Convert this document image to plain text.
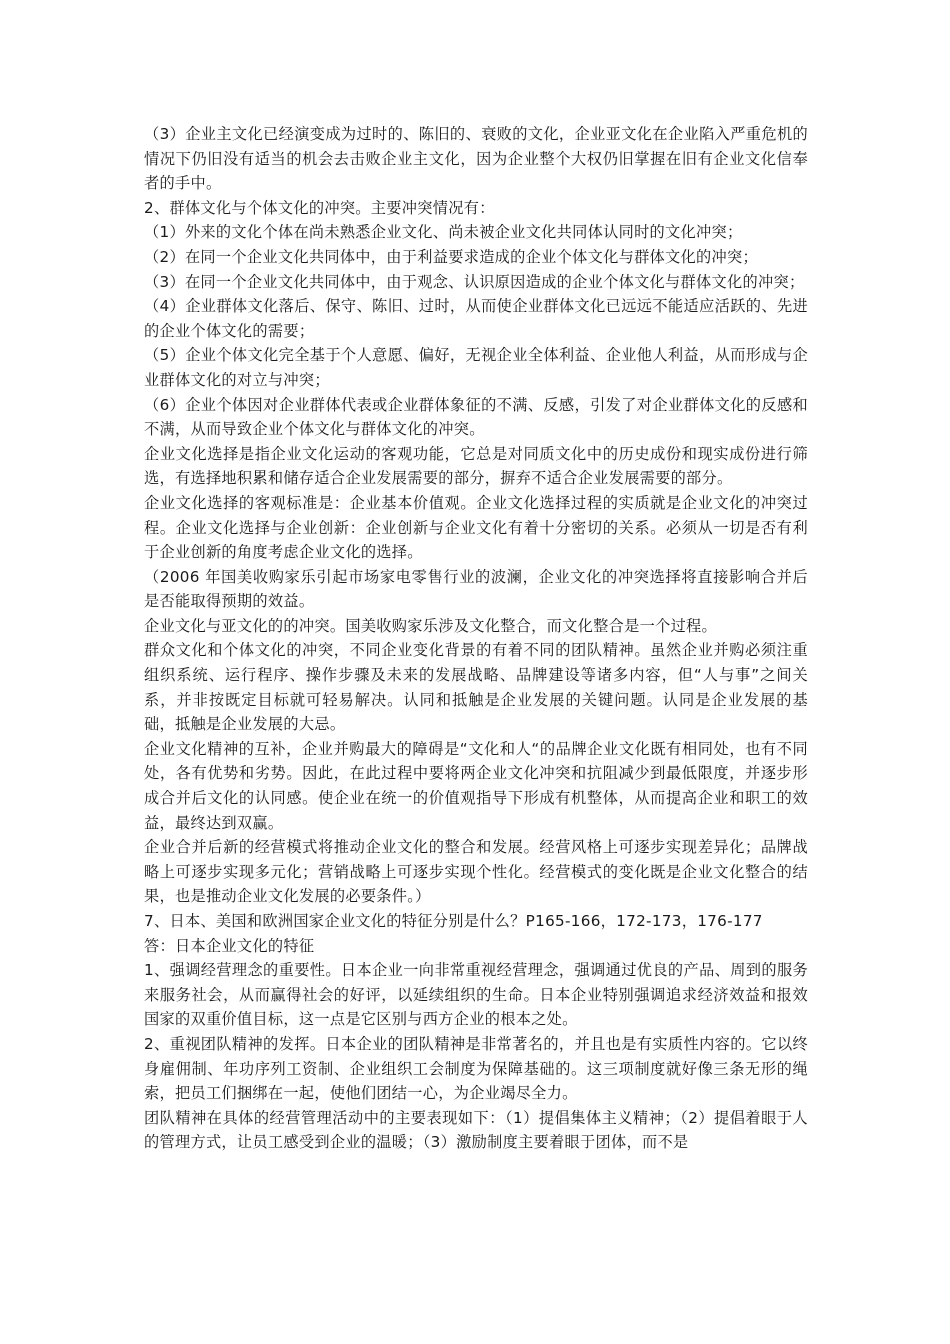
（3）企业主文化已经演变成为过时的、陈旧的、衰败的文化，企业亚文化在企业陷入严重危机的情况下仍旧没有适当的机会去击败企业主文化，因为企业整个大权仍旧掌握在旧有企业文化信奉者的手中。

2、群体文化与个体文化的冲突。主要冲突情况有：

（1）外来的文化个体在尚未熟悉企业文化、尚未被企业文化共同体认同时的文化冲突；

（2）在同一个企业文化共同体中，由于利益要求造成的企业个体文化与群体文化的冲突；

（3）在同一个企业文化共同体中，由于观念、认识原因造成的企业个体文化与群体文化的冲突；

（4）企业群体文化落后、保守、陈旧、过时，从而使企业群体文化已远远不能适应活跃的、先进的企业个体文化的需要；

（5）企业个体文化完全基于个人意愿、偏好，无视企业全体利益、企业他人利益，从而形成与企业群体文化的对立与冲突；

（6）企业个体因对企业群体代表或企业群体象征的不满、反感，引发了对企业群体文化的反感和不满，从而导致企业个体文化与群体文化的冲突。

企业文化选择是指企业文化运动的客观功能，它总是对同质文化中的历史成份和现实成份进行筛选，有选择地积累和储存适合企业发展需要的部分，摒弃不适合企业发展需要的部分。

企业文化选择的客观标准是：企业基本价值观。企业文化选择过程的实质就是企业文化的冲突过程。企业文化选择与企业创新：企业创新与企业文化有着十分密切的关系。必须从一切是否有利于企业创新的角度考虑企业文化的选择。

（2006 年国美收购家乐引起市场家电零售行业的波澜，企业文化的冲突选择将直接影响合并后是否能取得预期的效益。

企业文化与亚文化的的冲突。国美收购家乐涉及文化整合，而文化整合是一个过程。

群众文化和个体文化的冲突，不同企业变化背景的有着不同的团队精神。虽然企业并购必须注重组织系统、运行程序、操作步骤及未来的发展战略、品牌建设等诸多内容，但“人与事”之间关系，并非按既定目标就可轻易解决。认同和抵触是企业发展的关键问题。认同是企业发展的基础，抵触是企业发展的大忌。

企业文化精神的互补，企业并购最大的障碍是“文化和人“的品牌企业文化既有相同处，也有不同处，各有优势和劣势。因此，在此过程中要将两企业文化冲突和抗阻减少到最低限度，并逐步形成合并后文化的认同感。使企业在统一的价值观指导下形成有机整体，从而提高企业和职工的效益，最终达到双赢。

企业合并后新的经营模式将推动企业文化的整合和发展。经营风格上可逐步实现差异化；品牌战略上可逐步实现多元化；营销战略上可逐步实现个性化。经营模式的变化既是企业文化整合的结果，也是推动企业文化发展的必要条件。）

7、日本、美国和欧洲国家企业文化的特征分别是什么？P165-166，172-173，176-177

答：日本企业文化的特征

1、强调经营理念的重要性。日本企业一向非常重视经营理念，强调通过优良的产品、周到的服务来服务社会，从而赢得社会的好评，以延续组织的生命。日本企业特别强调追求经济效益和报效国家的双重价值目标，这一点是它区别与西方企业的根本之处。

2、重视团队精神的发挥。日本企业的团队精神是非常著名的，并且也是有实质性内容的。它以终身雇佣制、年功序列工资制、企业组织工会制度为保障基础的。这三项制度就好像三条无形的绳索，把员工们捆绑在一起，使他们团结一心，为企业竭尽全力。

团队精神在具体的经营管理活动中的主要表现如下：（1）提倡集体主义精神；（2）提倡着眼于人的管理方式，让员工感受到企业的温暖；（3）激励制度主要着眼于团体，而不是
